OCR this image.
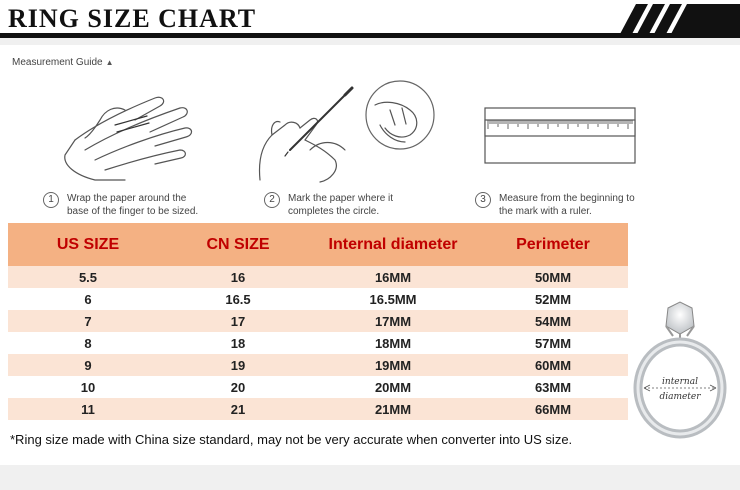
RING SIZE CHART
Measurement Guide ▲
1	Wrap the paper around the
base of the finger to be sized.
2	Mark the paper where it
completes the circle.
3	Measure from the beginning to
the mark with a ruler.
US SIZE	CN SIZE	Internal diameter	Perimeter
5.5	16	16MM	50MM
6	16.5	16.5MM	52MM
7	17	17MM	54MM
8	18	18MM	57MM
9	19	19MM	60MM
10	20	20MM	63MM
11	21	21MM	66MM
*Ring size made with China size standard, may not be very accurate when converter into US size.
internal
diameter
